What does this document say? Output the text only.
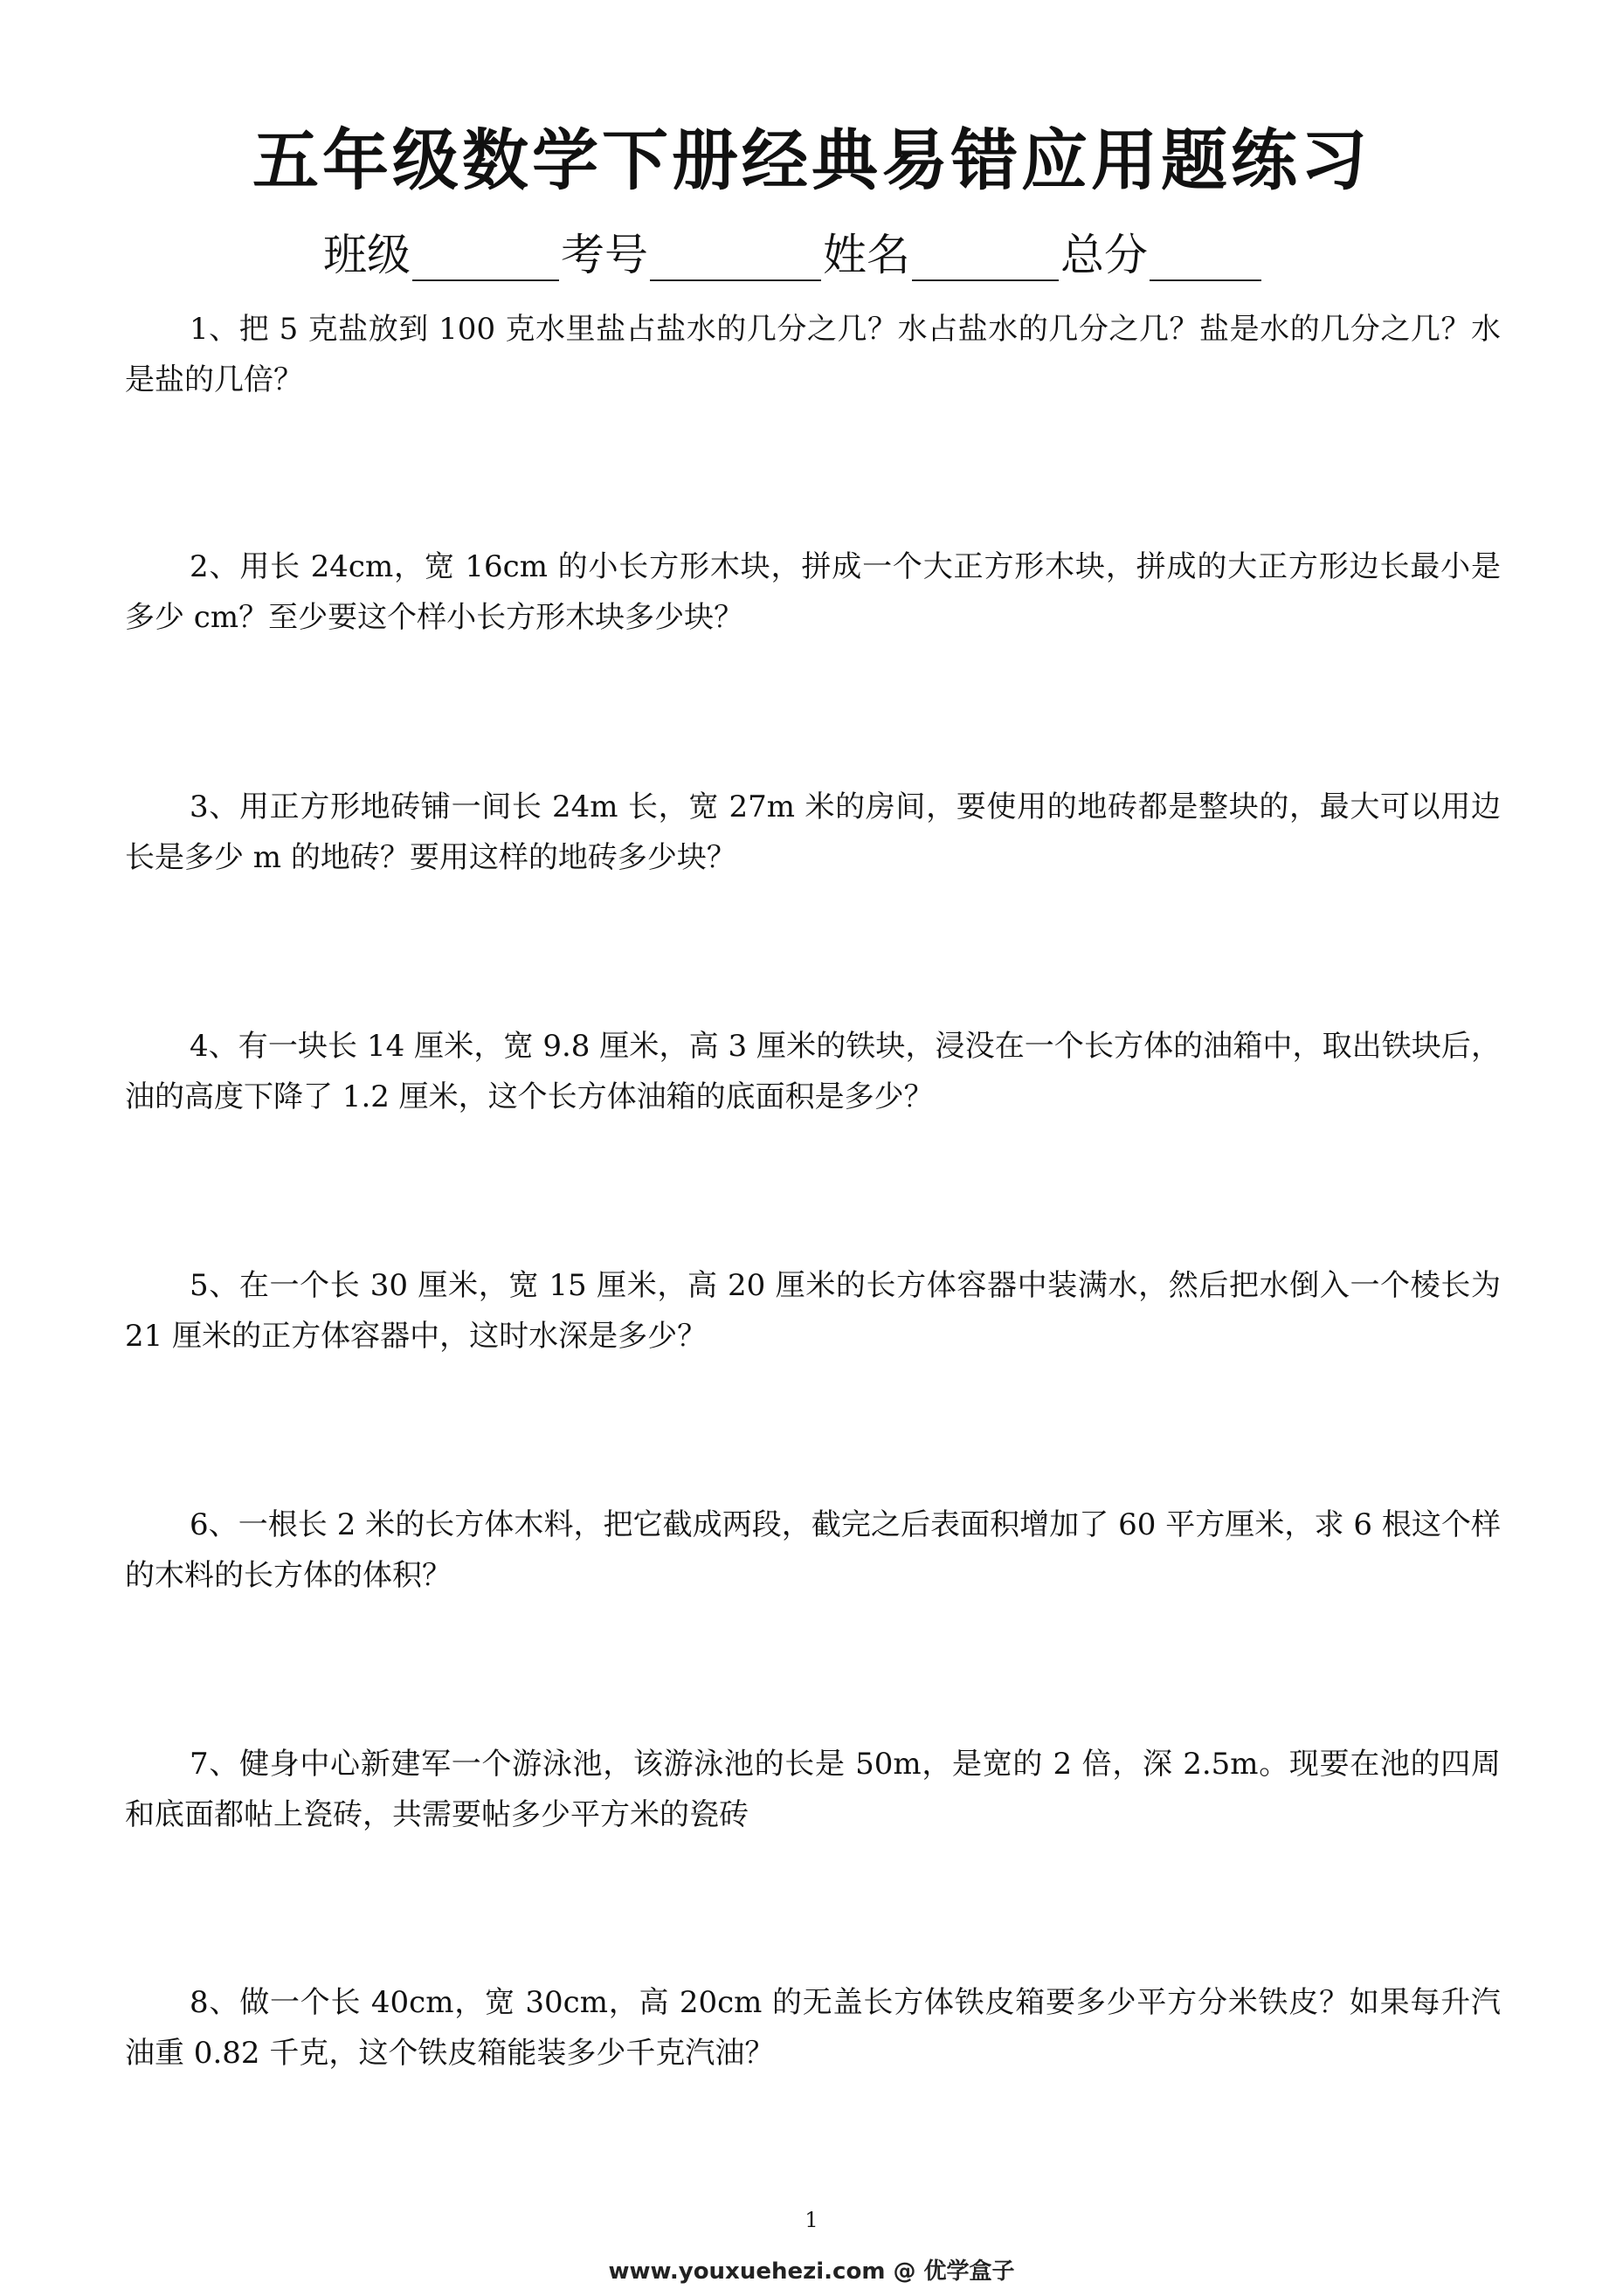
五年级数学下册经典易错应用题练习
班级	考号	姓名	总分
1、把 5 克盐放到 100 克水里盐占盐水的几分之几？水占盐水的几分之几？盐是水的几分之几？水是盐的几倍？
2、用长 24cm，宽 16cm 的小长方形木块，拼成一个大正方形木块，拼成的大正方形边长最小是多少 cm？至少要这个样小长方形木块多少块？
3、用正方形地砖铺一间长 24m 长，宽 27m 米的房间，要使用的地砖都是整块的，最大可以用边长是多少 m 的地砖？要用这样的地砖多少块？
4、有一块长 14 厘米，宽 9.8 厘米，高 3 厘米的铁块，浸没在一个长方体的油箱中，取出铁块后，油的高度下降了 1.2 厘米，这个长方体油箱的底面积是多少？
5、在一个长 30 厘米，宽 15 厘米，高 20 厘米的长方体容器中装满水，然后把水倒入一个棱长为 21 厘米的正方体容器中，这时水深是多少？
6、一根长 2 米的长方体木料，把它截成两段，截完之后表面积增加了 60 平方厘米，求 6 根这个样的木料的长方体的体积？
7、健身中心新建军一个游泳池，该游泳池的长是 50m，是宽的 2 倍，深 2.5m。现要在池的四周和底面都帖上瓷砖，共需要帖多少平方米的瓷砖
8、做一个长 40cm，宽 30cm，高 20cm 的无盖长方体铁皮箱要多少平方分米铁皮？如果每升汽油重 0.82 千克，这个铁皮箱能装多少千克汽油？
1
www.youxuehezi.com @ 优学盒子
